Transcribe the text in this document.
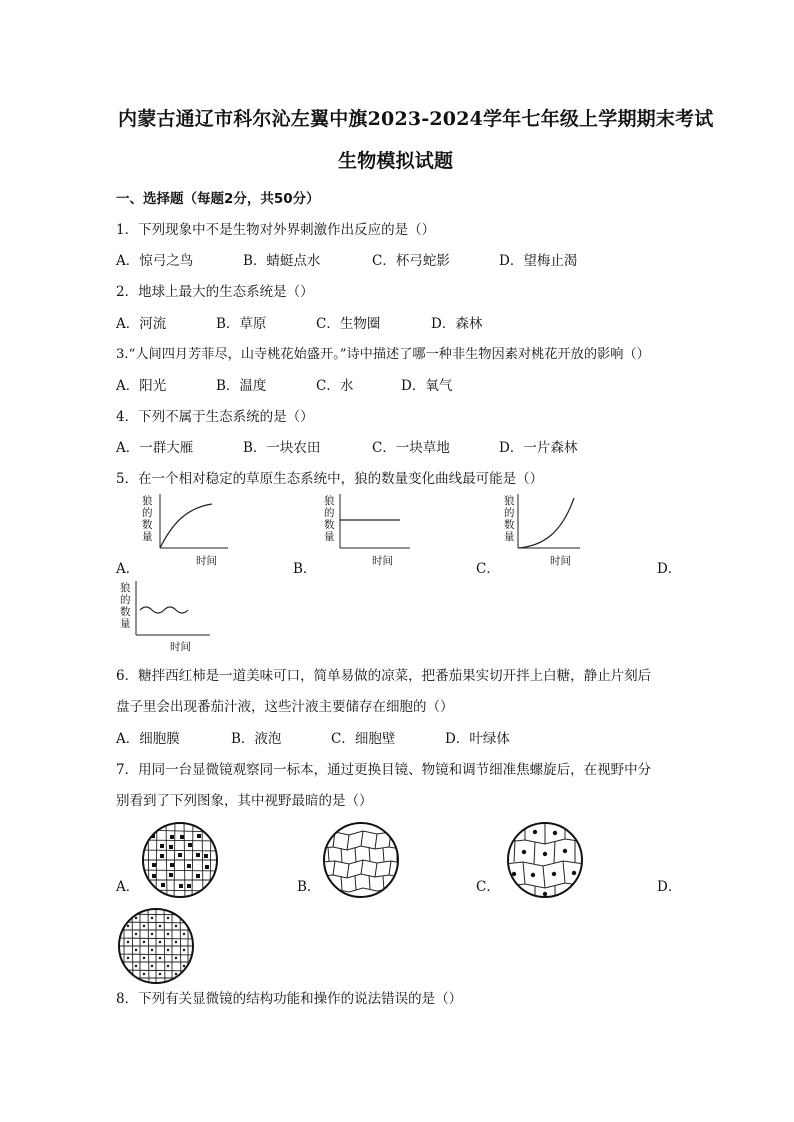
内蒙古通辽市科尔沁左翼中旗2023-2024学年七年级上学期期末考试
生物模拟试题
一、选择题（每题2分，共50分）
1．下列现象中不是生物对外界刺激作出反应的是（）
A．惊弓之鸟	B．蜻蜓点水	C．杯弓蛇影	D．望梅止渴
2．地球上最大的生态系统是（）
A．河流	B．草原	C．生物圈	D．森林
3.“人间四月芳菲尽，山寺桃花始盛开。”诗中描述了哪一种非生物因素对桃花开放的影响（）
A．阳光	B．温度	C．水	D．氧气
4．下列不属于生态系统的是（）
A．一群大雁	B．一块农田	C．一块草地	D．一片森林
5．在一个相对稳定的草原生态系统中，狼的数量变化曲线最可能是（）
狼
的
数
量
时间
A．
狼
的
数
量
时间
B．
狼
的
数
量
时间
C．	D．
狼
的
数
量
时间
6．糖拌西红柿是一道美味可口，简单易做的凉菜，把番茄果实切开拌上白糖，静止片刻后
盘子里会出现番茄汁液，这些汁液主要储存在细胞的（）
A．细胞膜	B．液泡	C．细胞壁	D．叶绿体
7．用同一台显微镜观察同一标本，通过更换目镜、物镜和调节细准焦螺旋后，在视野中分
别看到了下列图象，其中视野最暗的是（）
A．	B．	C．	D．
8．下列有关显微镜的结构功能和操作的说法错误的是（）
